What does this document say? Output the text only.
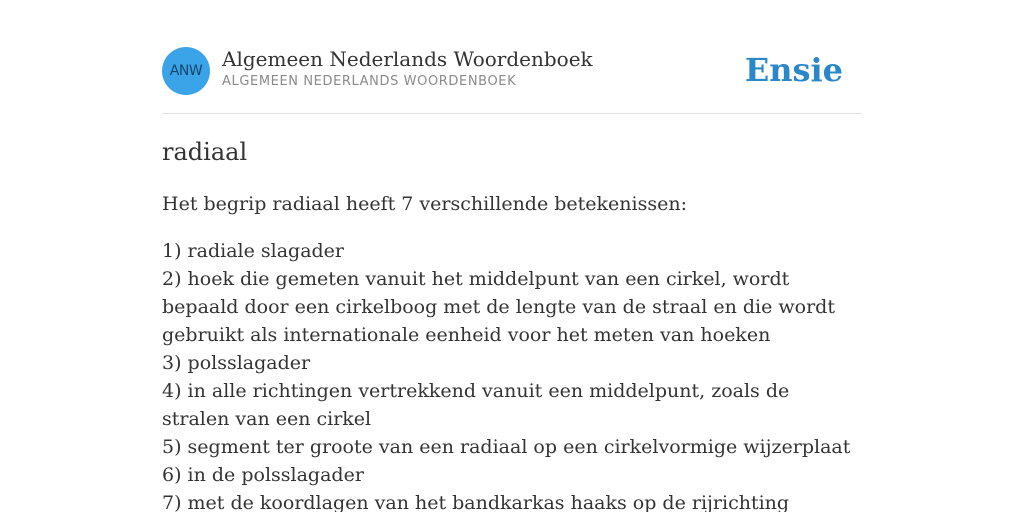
ANW Algemeen Nederlands Woordenboek
ALGEMEEN NEDERLANDS WOORDENBOEK	Ensie
radiaal

Het begrip radiaal heeft 7 verschillende betekenissen:

1) radiale slagader
2) hoek die gemeten vanuit het middelpunt van een cirkel, wordt bepaald door een cirkelboog met de lengte van de straal en die wordt gebruikt als internationale eenheid voor het meten van hoeken
3) polsslagader
4) in alle richtingen vertrekkend vanuit een middelpunt, zoals de stralen van een cirkel
5) segment ter groote van een radiaal op een cirkelvormige wijzerplaat
6) in de polsslagader
7) met de koordlagen van het bandkarkas haaks op de rijrichting
